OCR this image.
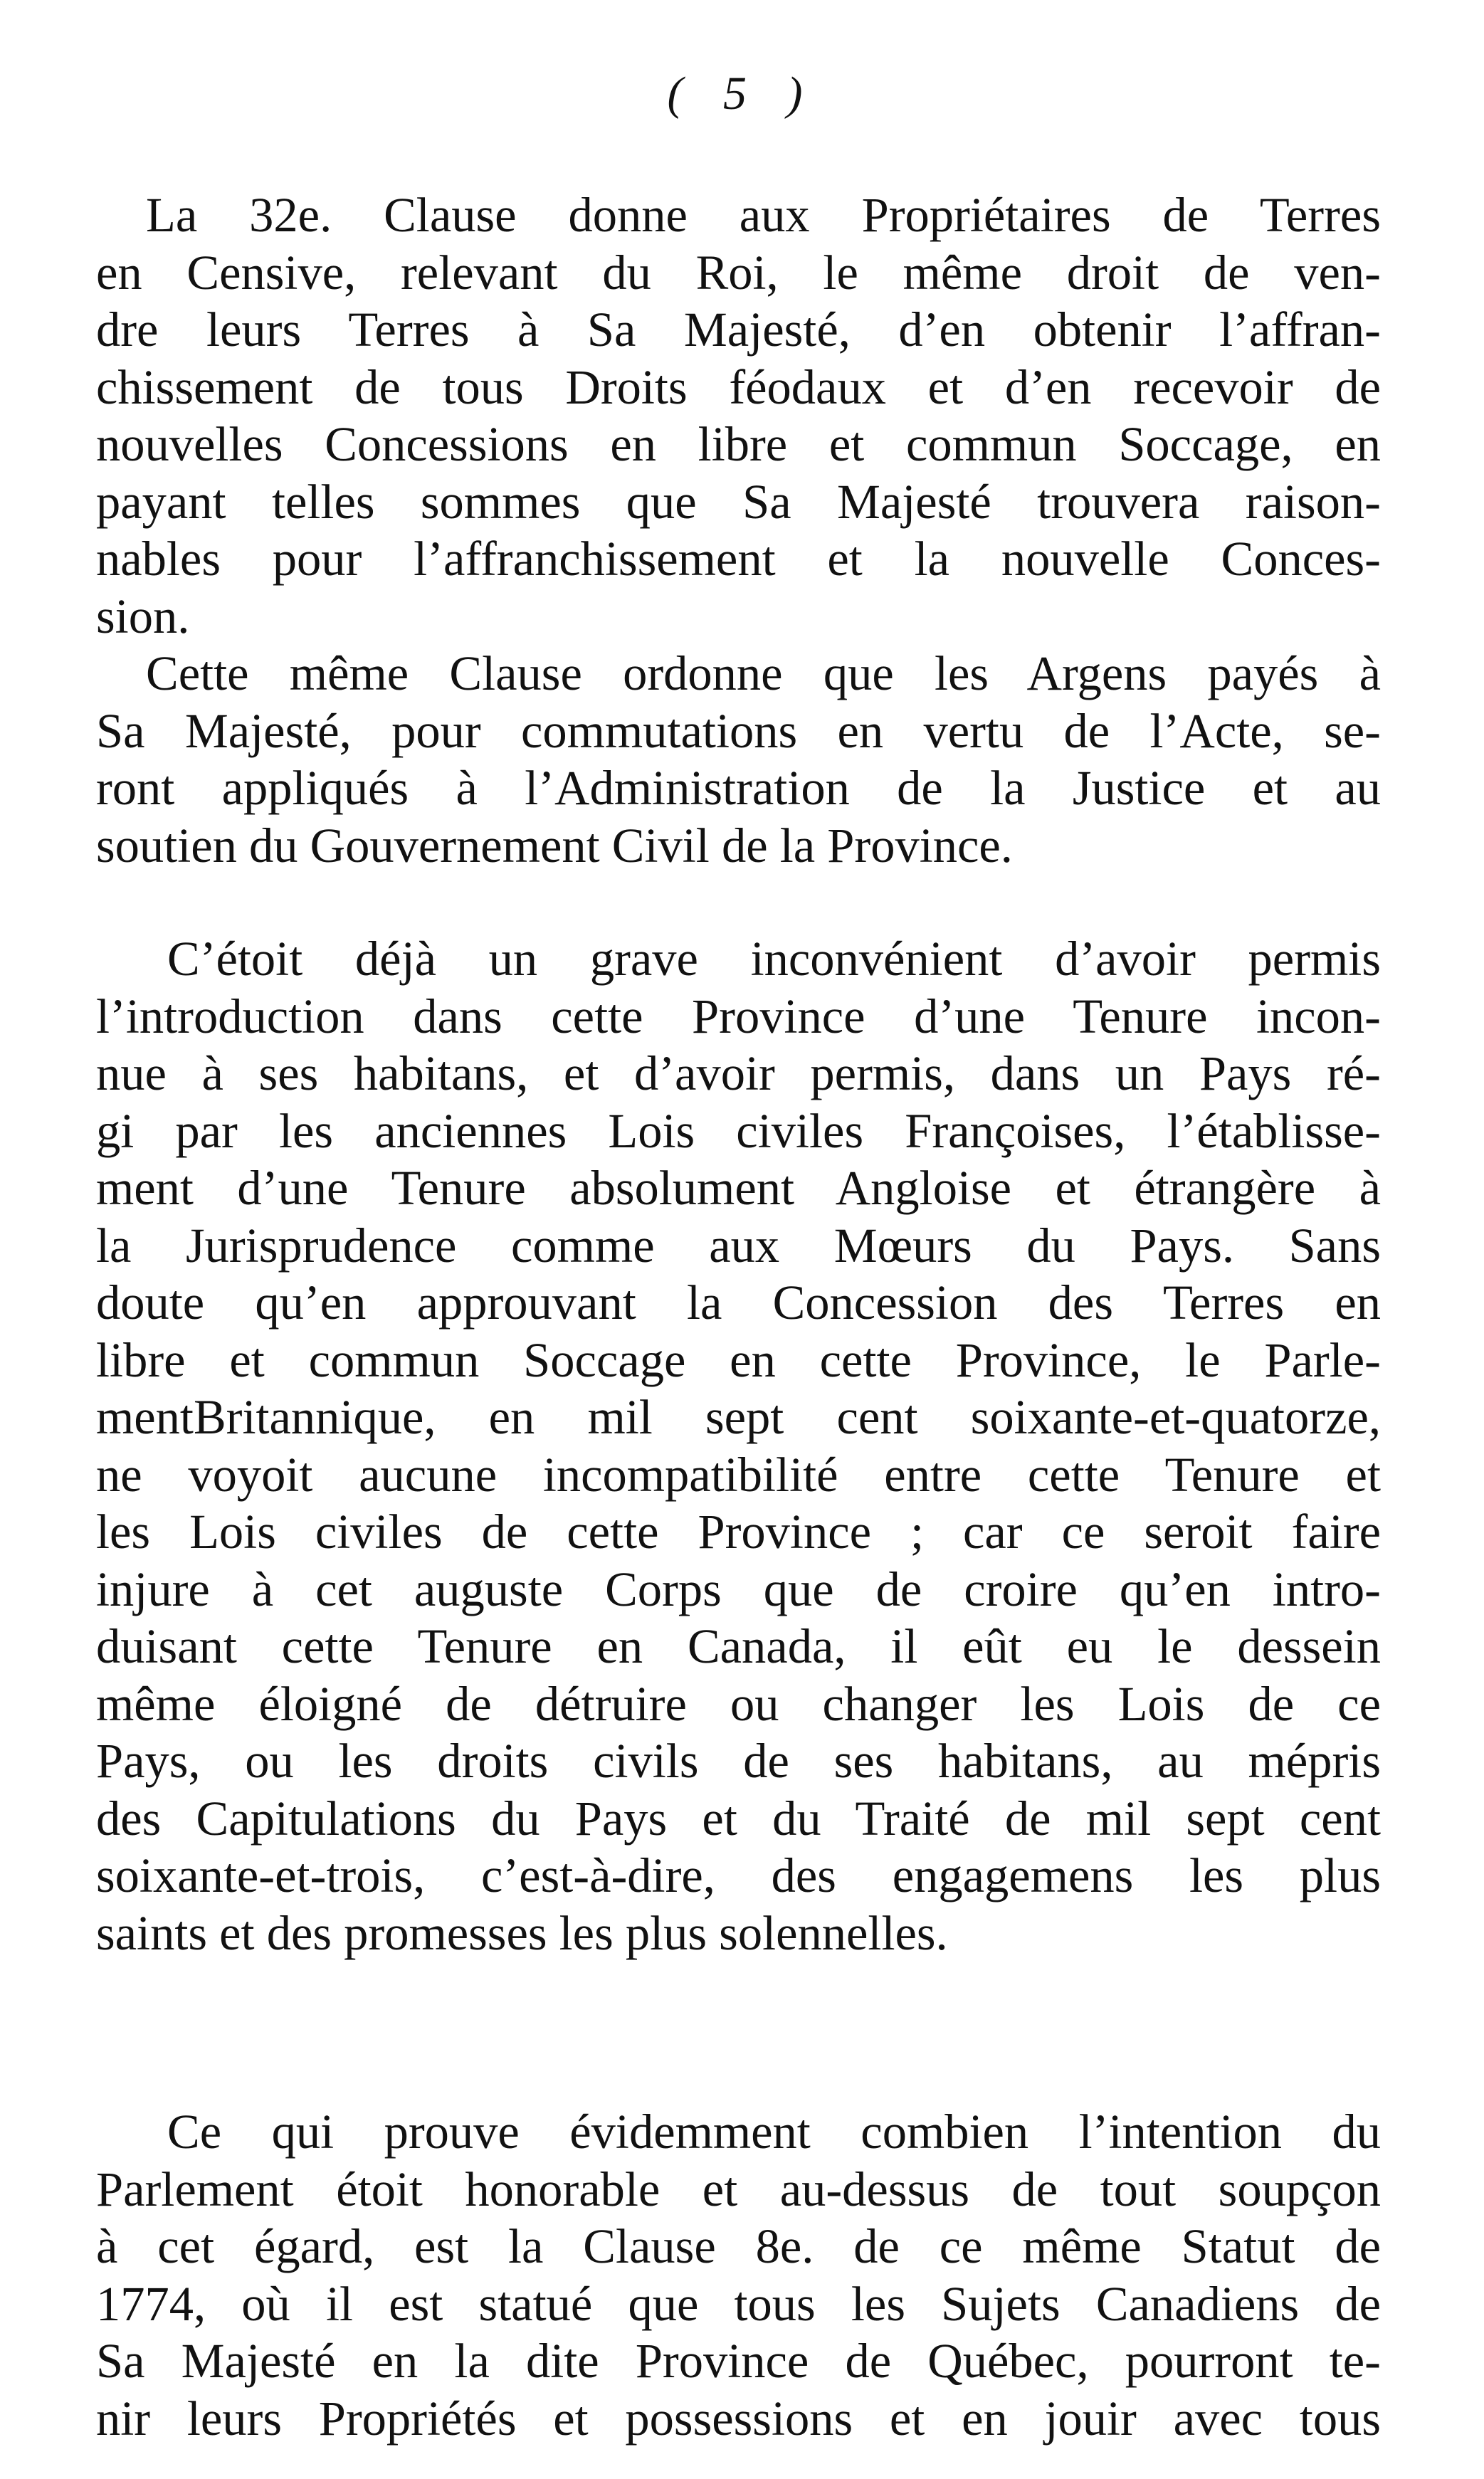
( 5 )
La 32e. Clause donne aux Propriétaires de Terres
en Censive, relevant du Roi, le même droit de ven-
dre leurs Terres à Sa Majesté, d’en obtenir l’affran-
chissement de tous Droits féodaux et d’en recevoir de
nouvelles Concessions en libre et commun Soccage, en
payant telles sommes que Sa Majesté trouvera raison-
nables pour l’affranchissement et la nouvelle Conces-
sion.
Cette même Clause ordonne que les Argens payés à
Sa Majesté, pour commutations en vertu de l’Acte, se-
ront appliqués à l’Administration de la Justice et au
soutien du Gouvernement Civil de la Province.
C’étoit déjà un grave inconvénient d’avoir permis
l’introduction dans cette Province d’une Tenure incon-
nue à ses habitans, et d’avoir permis, dans un Pays ré-
gi par les anciennes Lois civiles Françoises, l’établisse-
ment d’une Tenure absolument Angloise et étrangère à
la Jurisprudence comme aux Mœurs du Pays. Sans
doute qu’en approuvant la Concession des Terres en
libre et commun Soccage en cette Province, le Parle-
mentBritannique, en mil sept cent soixante-et-quatorze,
ne voyoit aucune incompatibilité entre cette Tenure et
les Lois civiles de cette Province ; car ce seroit faire
injure à cet auguste Corps que de croire qu’en intro-
duisant cette Tenure en Canada, il eût eu le dessein
même éloigné de détruire ou changer les Lois de ce
Pays, ou les droits civils de ses habitans, au mépris
des Capitulations du Pays et du Traité de mil sept cent
soixante-et-trois, c’est-à-dire, des engagemens les plus
saints et des promesses les plus solennelles.
Ce qui prouve évidemment combien l’intention du
Parlement étoit honorable et au-dessus de tout soupçon
à cet égard, est la Clause 8e. de ce même Statut de
1774, où il est statué que tous les Sujets Canadiens de
Sa Majesté en la dite Province de Québec, pourront te-
nir leurs Propriétés et possessions et en jouir avec tous
